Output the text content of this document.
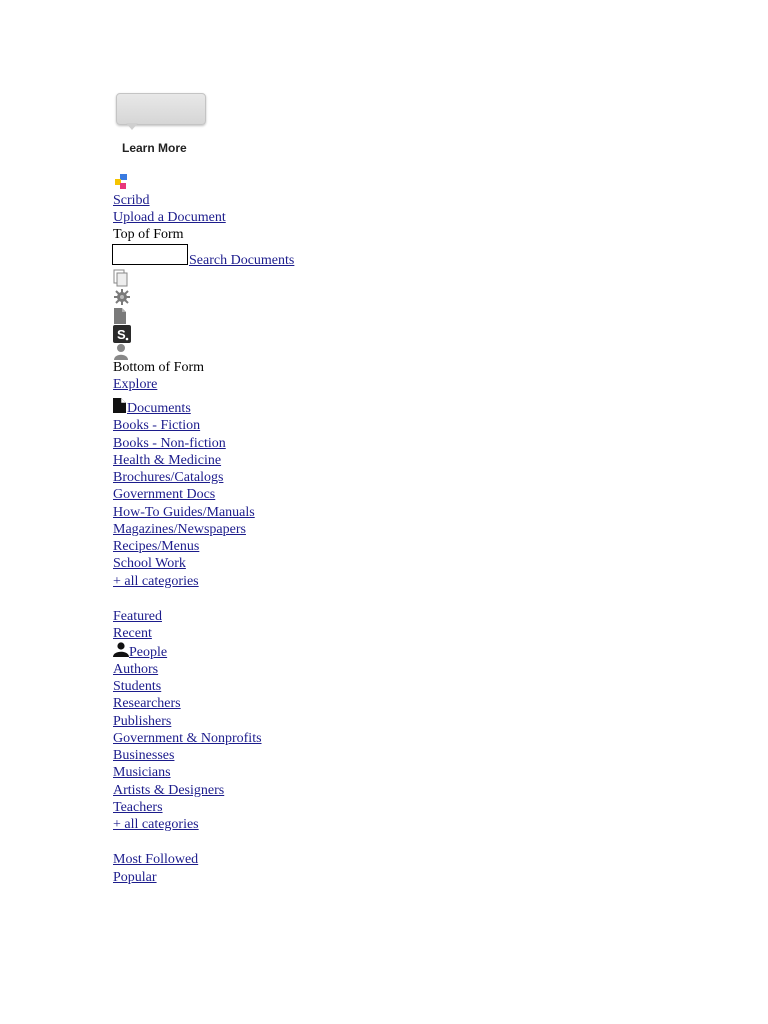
Learn More
Scribd
Upload a Document
Top of Form
Search Documents
S
Bottom of Form
Explore
Documents
Books - Fiction
Books - Non-fiction
Health & Medicine
Brochures/Catalogs
Government Docs
How-To Guides/Manuals
Magazines/Newspapers
Recipes/Menus
School Work
+ all categories
Featured
Recent
People
Authors
Students
Researchers
Publishers
Government & Nonprofits
Businesses
Musicians
Artists & Designers
Teachers
+ all categories
Most Followed
Popular
